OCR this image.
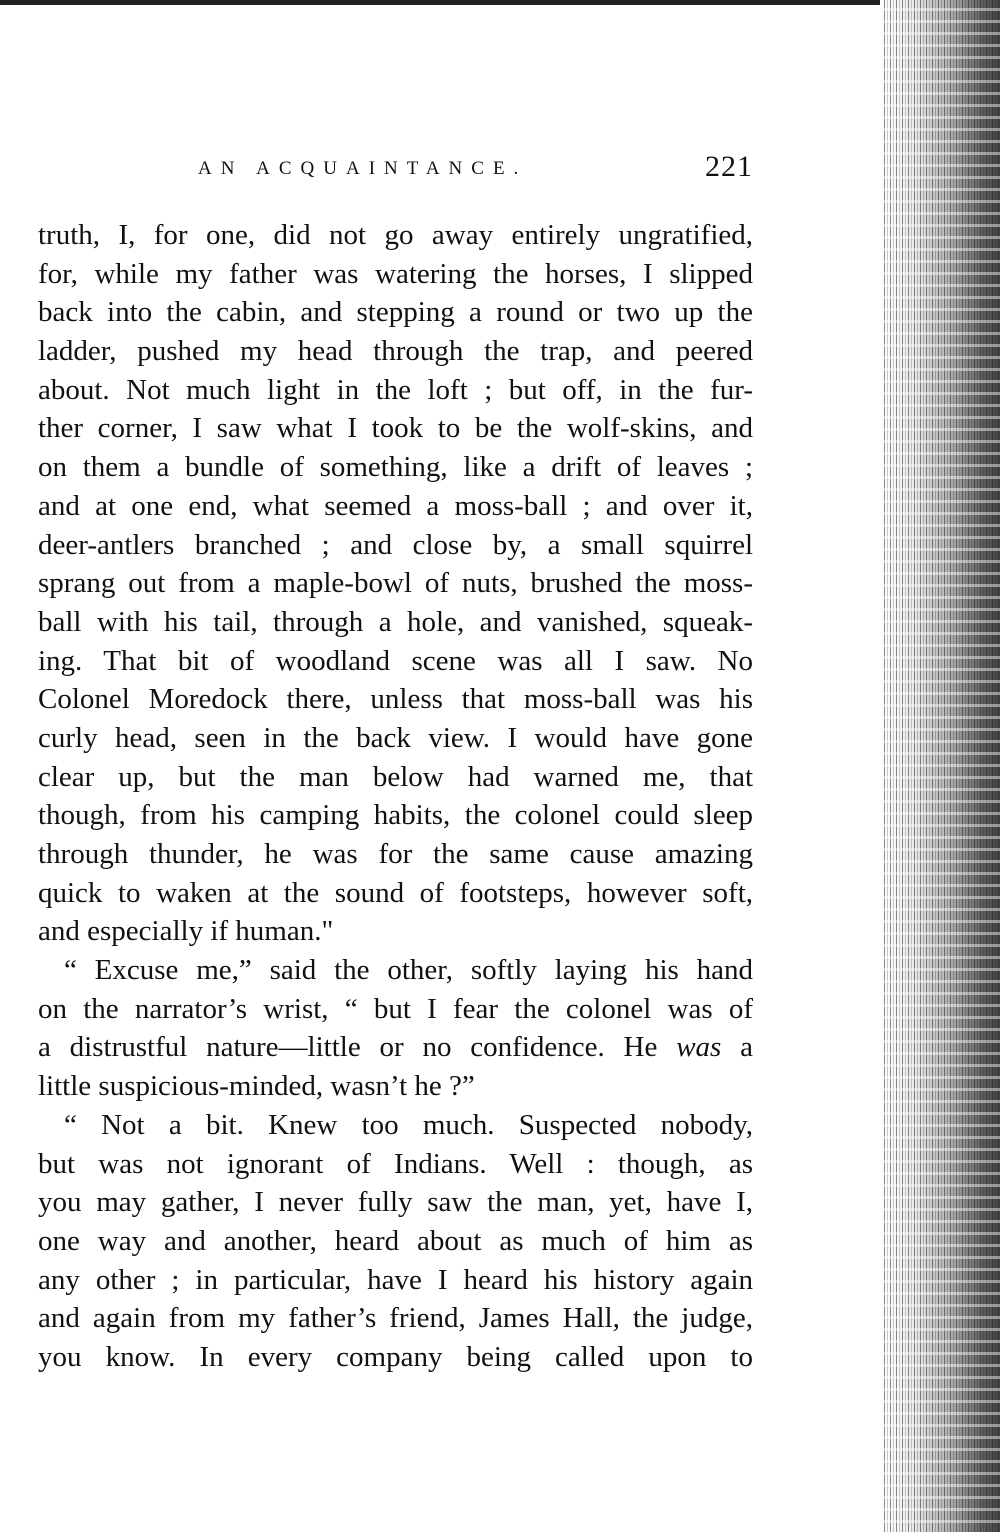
AN ACQUAINTANCE.	221
truth, I, for one, did not go away entirely ungratified,
for, while my father was watering the horses, I slipped
back into the cabin, and stepping a round or two up the
ladder, pushed my head through the trap, and peered
about. Not much light in the loft ; but off, in the fur-
ther corner, I saw what I took to be the wolf-skins, and
on them a bundle of something, like a drift of leaves ;
and at one end, what seemed a moss-ball ; and over it,
deer-antlers branched ; and close by, a small squirrel
sprang out from a maple-bowl of nuts, brushed the moss-
ball with his tail, through a hole, and vanished, squeak-
ing. That bit of woodland scene was all I saw. No
Colonel Moredock there, unless that moss-ball was his
curly head, seen in the back view. I would have gone
clear up, but the man below had warned me, that
though, from his camping habits, the colonel could sleep
through thunder, he was for the same cause amazing
quick to waken at the sound of footsteps, however soft,
and especially if human."
“ Excuse me,” said the other, softly laying his hand
on the narrator’s wrist, “ but I fear the colonel was of
a distrustful nature—little or no confidence. He was a
little suspicious-minded, wasn’t he ?”
“ Not a bit. Knew too much. Suspected nobody,
but was not ignorant of Indians. Well : though, as
you may gather, I never fully saw the man, yet, have I,
one way and another, heard about as much of him as
any other ; in particular, have I heard his history again
and again from my father’s friend, James Hall, the judge,
you know. In every company being called upon to
